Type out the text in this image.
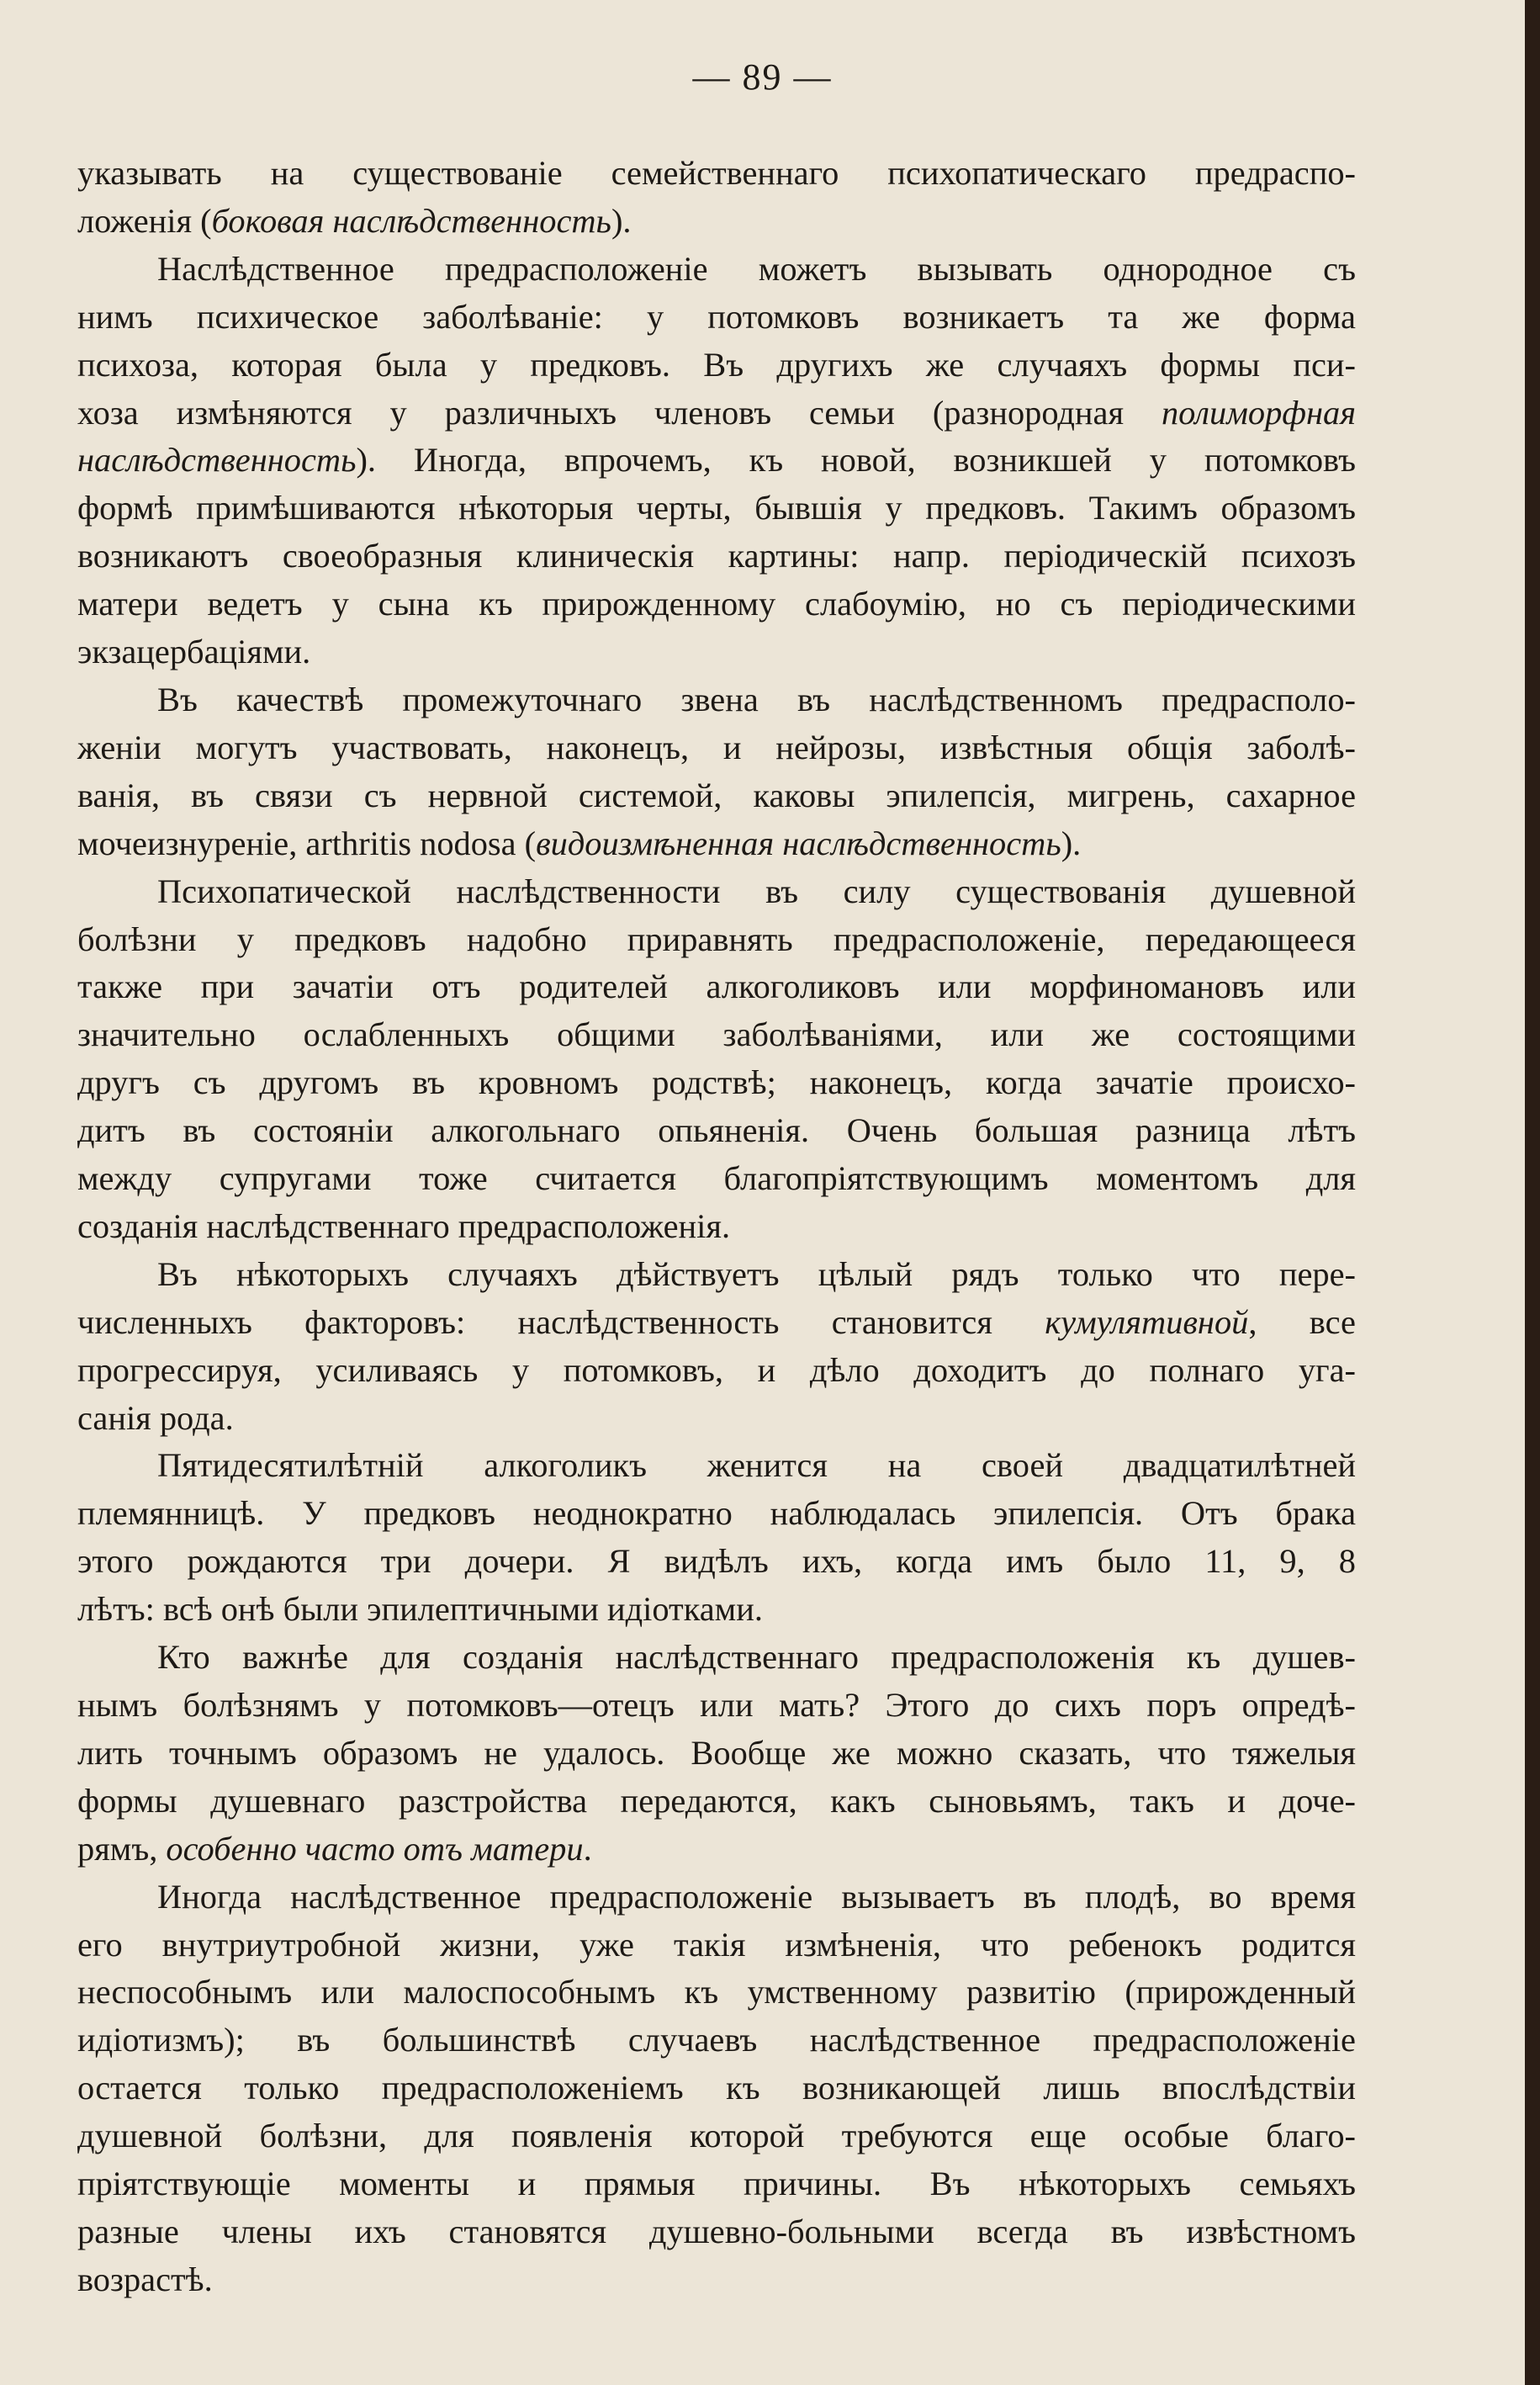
— 89 —

указывать на существованіе семейственнаго психопатическаго предраспо-
ложенія (боковая наслѣдственность).

Наслѣдственное предрасположеніе можетъ вызывать однородное съ
нимъ психическое заболѣваніе: у потомковъ возникаетъ та же форма
психоза, которая была у предковъ. Въ другихъ же случаяхъ формы пси-
хоза измѣняются у различныхъ членовъ семьи (разнородная полиморфная
наслѣдственность). Иногда, впрочемъ, къ новой, возникшей у потомковъ
формѣ примѣшиваются нѣкоторыя черты, бывшія у предковъ. Такимъ образомъ
возникаютъ своеобразныя клиническія картины: напр. періодическій психозъ
матери ведетъ у сына къ прирожденному слабоумію, но съ періодическими
экзацербаціями.

Въ качествѣ промежуточнаго звена въ наслѣдственномъ предрасполо-
женіи могутъ участвовать, наконецъ, и нейрозы, извѣстныя общія заболѣ-
ванія, въ связи съ нервной системой, каковы эпилепсія, мигрень, сахарное
мочеизнуреніе, arthritis nodosa (видоизмѣненная наслѣдственность).

Психопатической наслѣдственности въ силу существованія душевной
болѣзни у предковъ надобно приравнять предрасположеніе, передающееся
также при зачатіи отъ родителей алкоголиковъ или морфиномановъ или
значительно ослабленныхъ общими заболѣваніями, или же состоящими
другъ съ другомъ въ кровномъ родствѣ; наконецъ, когда зачатіе происхо-
дитъ въ состояніи алкогольнаго опьяненія. Очень большая разница лѣтъ
между супругами тоже считается благопріятствующимъ моментомъ для
созданія наслѣдственнаго предрасположенія.

Въ нѣкоторыхъ случаяхъ дѣйствуетъ цѣлый рядъ только что пере-
численныхъ факторовъ: наслѣдственность становится кумулятивной, все
прогрессируя, усиливаясь у потомковъ, и дѣло доходитъ до полнаго уга-
санія рода.

Пятидесятилѣтній алкоголикъ женится на своей двадцатилѣтней
племянницѣ. У предковъ неоднократно наблюдалась эпилепсія. Отъ брака
этого рождаются три дочери. Я видѣлъ ихъ, когда имъ было 11, 9, 8
лѣтъ: всѣ онѣ были эпилептичными идіотками.

Кто важнѣе для созданія наслѣдственнаго предрасположенія къ душев-
нымъ болѣзнямъ у потомковъ—отецъ или мать? Этого до сихъ поръ опредѣ-
лить точнымъ образомъ не удалось. Вообще же можно сказать, что тяжелыя
формы душевнаго разстройства передаются, какъ сыновьямъ, такъ и доче-
рямъ, особенно часто отъ матери.

Иногда наслѣдственное предрасположеніе вызываетъ въ плодѣ, во время
его внутриутробной жизни, уже такія измѣненія, что ребенокъ родится
неспособнымъ или малоспособнымъ къ умственному развитію (прирожденный
идіотизмъ); въ большинствѣ случаевъ наслѣдственное предрасположеніе
остается только предрасположеніемъ къ возникающей лишь впослѣдствіи
душевной болѣзни, для появленія которой требуются еще особые благо-
пріятствующіе моменты и прямыя причины. Въ нѣкоторыхъ семьяхъ
разные члены ихъ становятся душевно-больными всегда въ извѣстномъ
возрастѣ.
